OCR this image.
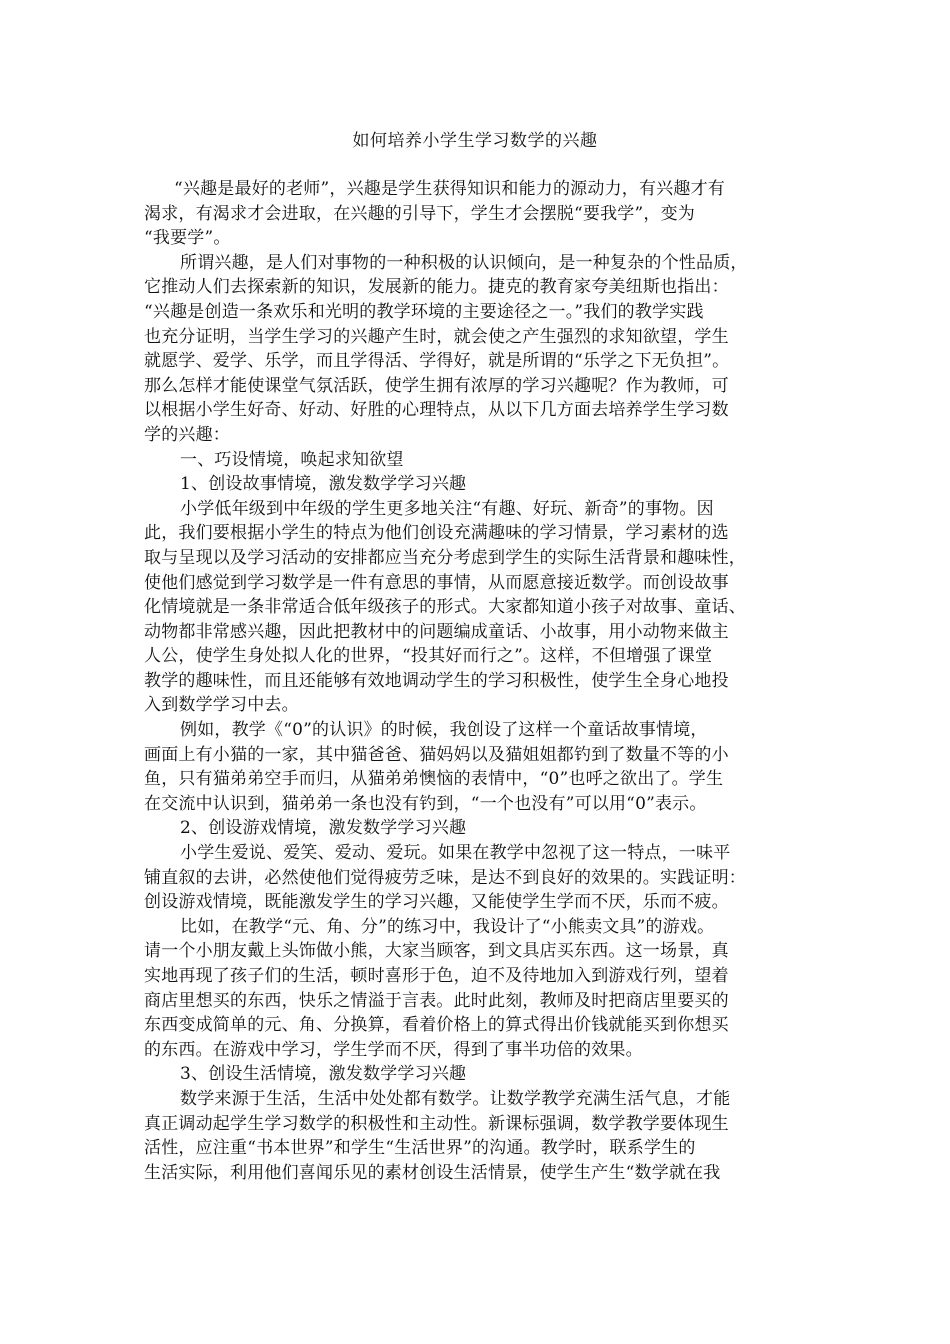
如何培养小学生学习数学的兴趣
“兴趣是最好的老师”，兴趣是学生获得知识和能力的源动力，有兴趣才有
渴求，有渴求才会进取，在兴趣的引导下，学生才会摆脱“要我学”，变为
“我要学”。
所谓兴趣，是人们对事物的一种积极的认识倾向，是一种复杂的个性品质，
它推动人们去探索新的知识，发展新的能力。捷克的教育家夸美纽斯也指出：
“兴趣是创造一条欢乐和光明的教学环境的主要途径之一。”我们的教学实践
也充分证明，当学生学习的兴趣产生时，就会使之产生强烈的求知欲望，学生
就愿学、爱学、乐学，而且学得活、学得好，就是所谓的“乐学之下无负担”。
那么怎样才能使课堂气氛活跃，使学生拥有浓厚的学习兴趣呢？作为教师，可
以根据小学生好奇、好动、好胜的心理特点，从以下几方面去培养学生学习数
学的兴趣：
一、巧设情境，唤起求知欲望
1、创设故事情境，激发数学学习兴趣
小学低年级到中年级的学生更多地关注“有趣、好玩、新奇”的事物。因
此，我们要根据小学生的特点为他们创设充满趣味的学习情景，学习素材的选
取与呈现以及学习活动的安排都应当充分考虑到学生的实际生活背景和趣味性，
使他们感觉到学习数学是一件有意思的事情，从而愿意接近数学。而创设故事
化情境就是一条非常适合低年级孩子的形式。大家都知道小孩子对故事、童话、
动物都非常感兴趣，因此把教材中的问题编成童话、小故事，用小动物来做主
人公，使学生身处拟人化的世界，“投其好而行之”。这样，不但增强了课堂
教学的趣味性，而且还能够有效地调动学生的学习积极性，使学生全身心地投
入到数学学习中去。
例如，教学《“0”的认识》的时候，我创设了这样一个童话故事情境，
画面上有小猫的一家，其中猫爸爸、猫妈妈以及猫姐姐都钓到了数量不等的小
鱼，只有猫弟弟空手而归，从猫弟弟懊恼的表情中，“0”也呼之欲出了。学生
在交流中认识到，猫弟弟一条也没有钓到，“一个也没有”可以用“0”表示。
2、创设游戏情境，激发数学学习兴趣
小学生爱说、爱笑、爱动、爱玩。如果在教学中忽视了这一特点，一味平
铺直叙的去讲，必然使他们觉得疲劳乏味，是达不到良好的效果的。实践证明：
创设游戏情境，既能激发学生的学习兴趣，又能使学生学而不厌，乐而不疲。
比如，在教学“元、角、分”的练习中，我设计了“小熊卖文具”的游戏。
请一个小朋友戴上头饰做小熊，大家当顾客，到文具店买东西。这一场景，真
实地再现了孩子们的生活，顿时喜形于色，迫不及待地加入到游戏行列，望着
商店里想买的东西，快乐之情溢于言表。此时此刻，教师及时把商店里要买的
东西变成简单的元、角、分换算，看着价格上的算式得出价钱就能买到你想买
的东西。在游戏中学习，学生学而不厌，得到了事半功倍的效果。
3、创设生活情境，激发数学学习兴趣
数学来源于生活，生活中处处都有数学。让数学教学充满生活气息，才能
真正调动起学生学习数学的积极性和主动性。新课标强调，数学教学要体现生
活性，应注重“书本世界”和学生“生活世界”的沟通。教学时，联系学生的
生活实际，利用他们喜闻乐见的素材创设生活情景，使学生产生“数学就在我
